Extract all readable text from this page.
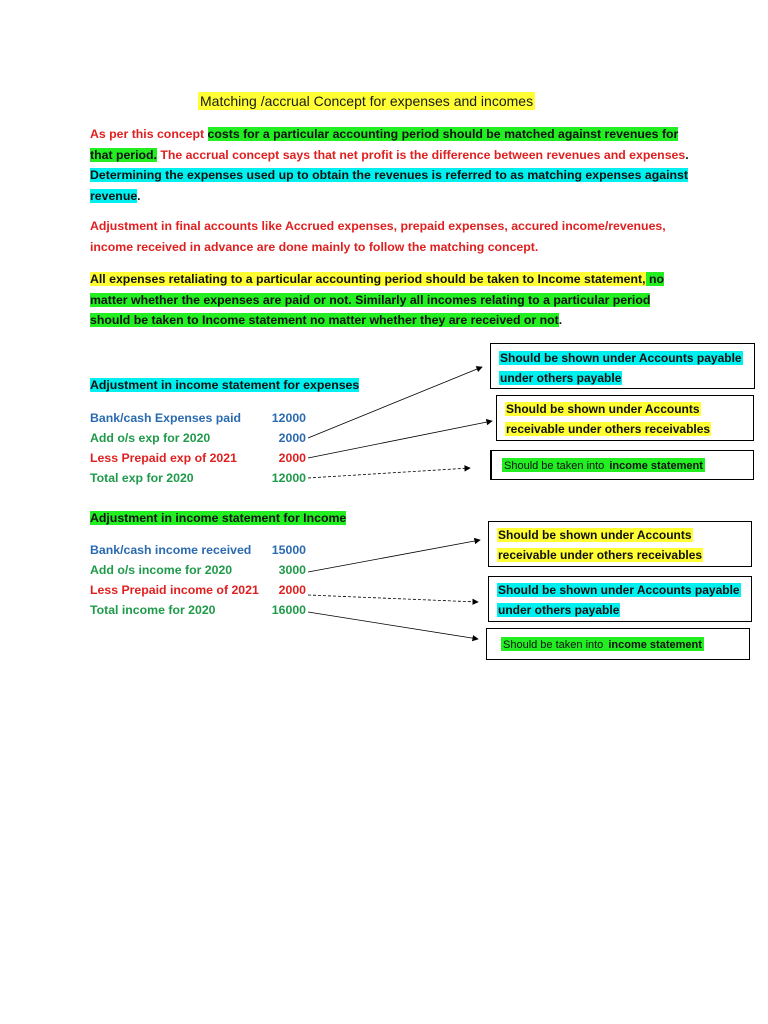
Matching /accrual Concept for expenses and incomes
As per this concept costs for a particular accounting period should be matched against revenues for that period. The accrual concept says that net profit is the difference between revenues and expenses. Determining the expenses used up to obtain the revenues is referred to as matching expenses against revenue.
Adjustment in final accounts like Accrued expenses, prepaid expenses, accured income/revenues, income received in advance are done mainly to follow the matching concept.
All expenses retaliating to a particular accounting period should be taken to Income statement, no matter whether the expenses are paid or not. Similarly all incomes relating to a particular period should be taken to Income statement no matter whether they are received or not.
Adjustment in income statement for expenses
Bank/cash Expenses paid	12000
Add o/s exp for 2020	2000
Less Prepaid exp of 2021	2000
Total exp for 2020	12000
Should be shown under Accounts payable
under others payable
Should be shown under Accounts
receivable under others receivables
Should be taken into income statement
Adjustment in income statement for Income
Bank/cash income received 15000
Add o/s income for 2020	3000
Less Prepaid income of 2021 2000
Total income for 2020	16000
Should be shown under Accounts
receivable under others receivables
Should be shown under Accounts payable
under others payable
Should be taken into income statement
